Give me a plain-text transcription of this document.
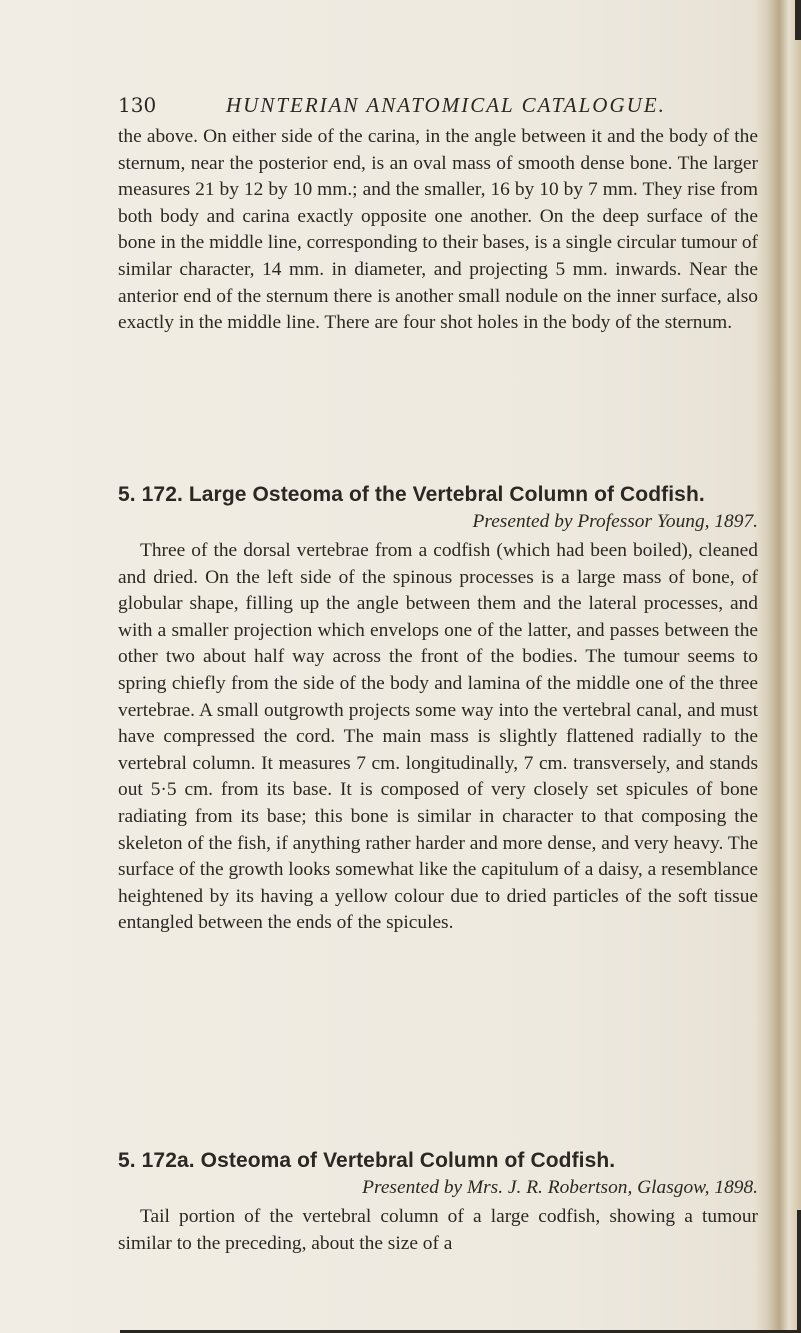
130	HUNTERIAN ANATOMICAL CATALOGUE.
the above. On either side of the carina, in the angle between it and the body of the sternum, near the posterior end, is an oval mass of smooth dense bone. The larger measures 21 by 12 by 10 mm.; and the smaller, 16 by 10 by 7 mm. They rise from both body and carina exactly opposite one another. On the deep surface of the bone in the middle line, corresponding to their bases, is a single circular tumour of similar character, 14 mm. in diameter, and projecting 5 mm. inwards. Near the anterior end of the sternum there is another small nodule on the inner surface, also exactly in the middle line. There are four shot holes in the body of the sternum.
5. 172. Large Osteoma of the Vertebral Column of Codfish.
Presented by Professor Young, 1897.
Three of the dorsal vertebrae from a codfish (which had been boiled), cleaned and dried. On the left side of the spinous processes is a large mass of bone, of globular shape, filling up the angle between them and the lateral processes, and with a smaller projection which envelops one of the latter, and passes between the other two about half way across the front of the bodies. The tumour seems to spring chiefly from the side of the body and lamina of the middle one of the three vertebrae. A small outgrowth projects some way into the vertebral canal, and must have compressed the cord. The main mass is slightly flattened radially to the vertebral column. It measures 7 cm. longitudinally, 7 cm. transversely, and stands out 5·5 cm. from its base. It is composed of very closely set spicules of bone radiating from its base; this bone is similar in character to that composing the skeleton of the fish, if anything rather harder and more dense, and very heavy. The surface of the growth looks somewhat like the capitulum of a daisy, a resemblance heightened by its having a yellow colour due to dried particles of the soft tissue entangled between the ends of the spicules.
5. 172a. Osteoma of Vertebral Column of Codfish.
Presented by Mrs. J. R. Robertson, Glasgow, 1898.
Tail portion of the vertebral column of a large codfish, showing a tumour similar to the preceding, about the size of a
